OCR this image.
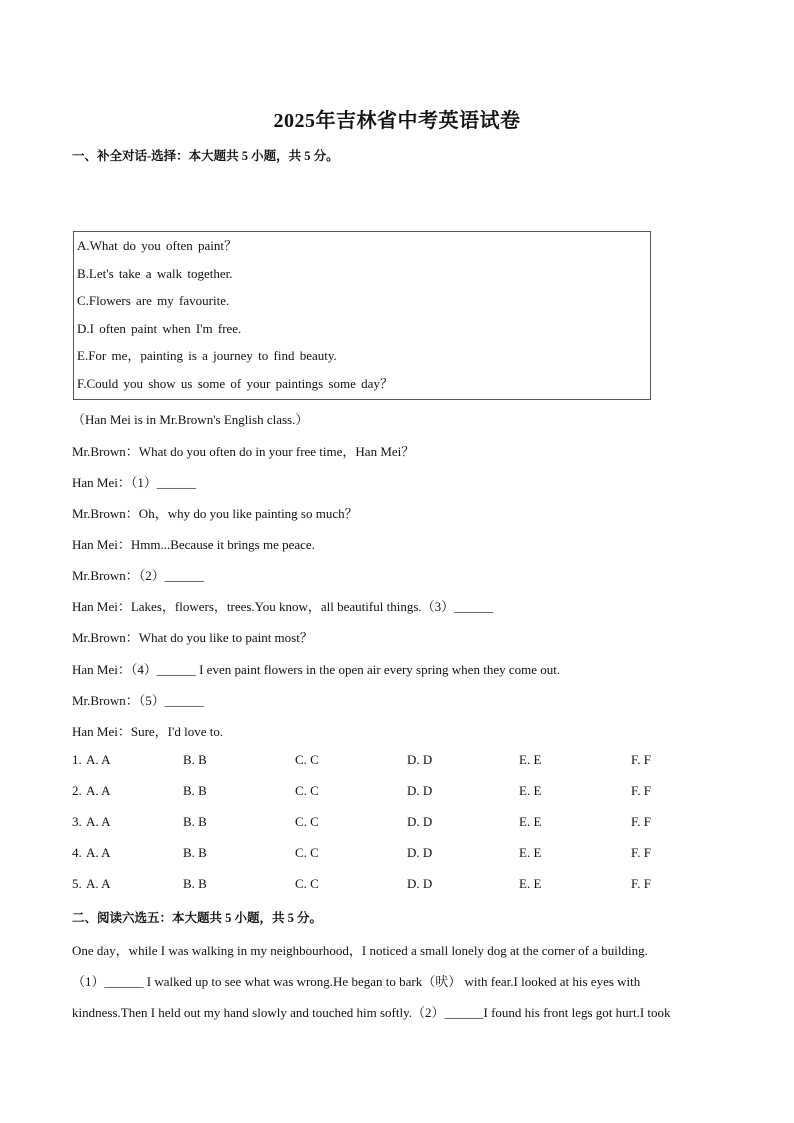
2025年吉林省中考英语试卷
一、补全对话-选择：本大题共 5 小题，共 5 分。
A.What do you often paint？
B.Let's take a walk together.
C.Flowers are my favourite.
D.I often paint when I'm free.
E.For me，painting is a journey to find beauty.
F.Could you show us some of your paintings some day？
（Han Mei is in Mr.Brown's English class.）
Mr.Brown：What do you often do in your free time，Han Mei？
Han Mei：（1）______
Mr.Brown：Oh，why do you like painting so much？
Han Mei：Hmm...Because it brings me peace.
Mr.Brown：（2）______
Han Mei：Lakes，flowers，trees.You know，all beautiful things.（3）______
Mr.Brown：What do you like to paint most？
Han Mei：（4）______ I even paint flowers in the open air every spring when they come out.
Mr.Brown：（5）______
Han Mei：Sure，I'd love to.
1. A. A	B. B	C. C	D. D	E. E	F. F
2. A. A	B. B	C. C	D. D	E. E	F. F
3. A. A	B. B	C. C	D. D	E. E	F. F
4. A. A	B. B	C. C	D. D	E. E	F. F
5. A. A	B. B	C. C	D. D	E. E	F. F
二、阅读六选五：本大题共 5 小题，共 5 分。
One day，while I was walking in my neighbourhood，I noticed a small lonely dog at the corner of a building.
（1）______ I walked up to see what was wrong.He began to bark（吠） with fear.I looked at his eyes with
kindness.Then I held out my hand slowly and touched him softly.（2）______I found his front legs got hurt.I took
